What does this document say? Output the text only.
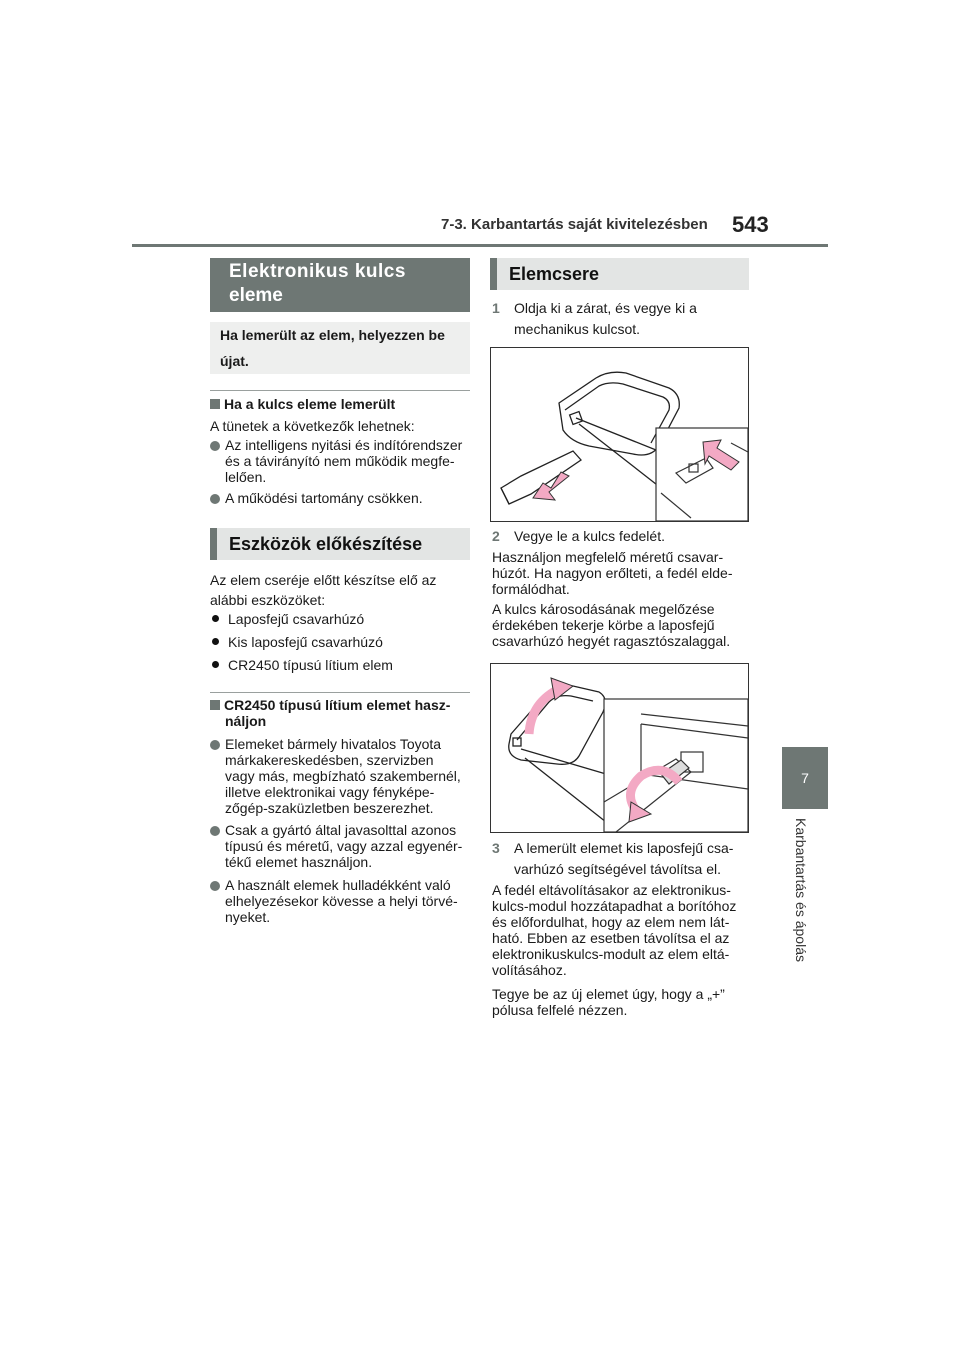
7-3. Karbantartás saját kivitelezésben 543
7
Karbantartás és ápolás
Elektronikus kulcs
eleme
Ha lemerült az elem, helyezzen be
újat.
Ha a kulcs eleme lemerült
A tünetek a következők lehetnek:
Az intelligens nyitási és indítórendszer
és a távirányító nem működik megfe-
lelően.
A működési tartomány csökken.
Eszközök előkészítése
Az elem cseréje előtt készítse elő az
alábbi eszközöket:
Laposfejű csavarhúzó
Kis laposfejű csavarhúzó
CR2450 típusú lítium elem
CR2450 típusú lítium elemet hasz-
náljon
Elemeket bármely hivatalos Toyota
márkakereskedésben, szervizben
vagy más, megbízható szakembernél,
illetve elektronikai vagy fényképe-
zőgép-szaküzletben beszerezhet.
Csak a gyártó által javasolttal azonos
típusú és méretű, vagy azzal egyenér-
tékű elemet használjon.
A használt elemek hulladékként való
elhelyezésekor kövesse a helyi törvé-
nyeket.
Elemcsere
1	Oldja ki a zárat, és vegye ki a
mechanikus kulcsot.
2 Vegye le a kulcs fedelét.
Használjon megfelelő méretű csavar-
húzót. Ha nagyon erőlteti, a fedél elde-
formálódhat.
A kulcs károsodásának megelőzése
érdekében tekerje körbe a laposfejű
csavarhúzó hegyét ragasztószalaggal.
3	A lemerült elemet kis laposfejű csa-
varhúzó segítségével távolítsa el.
A fedél eltávolításakor az elektronikus-
kulcs-modul hozzátapadhat a borítóhoz
és előfordulhat, hogy az elem nem lát-
ható. Ebben az esetben távolítsa el az
elektronikuskulcs-modult az elem eltá-
volításához.
Tegye be az új elemet úgy, hogy a „+”
pólusa felfelé nézzen.
